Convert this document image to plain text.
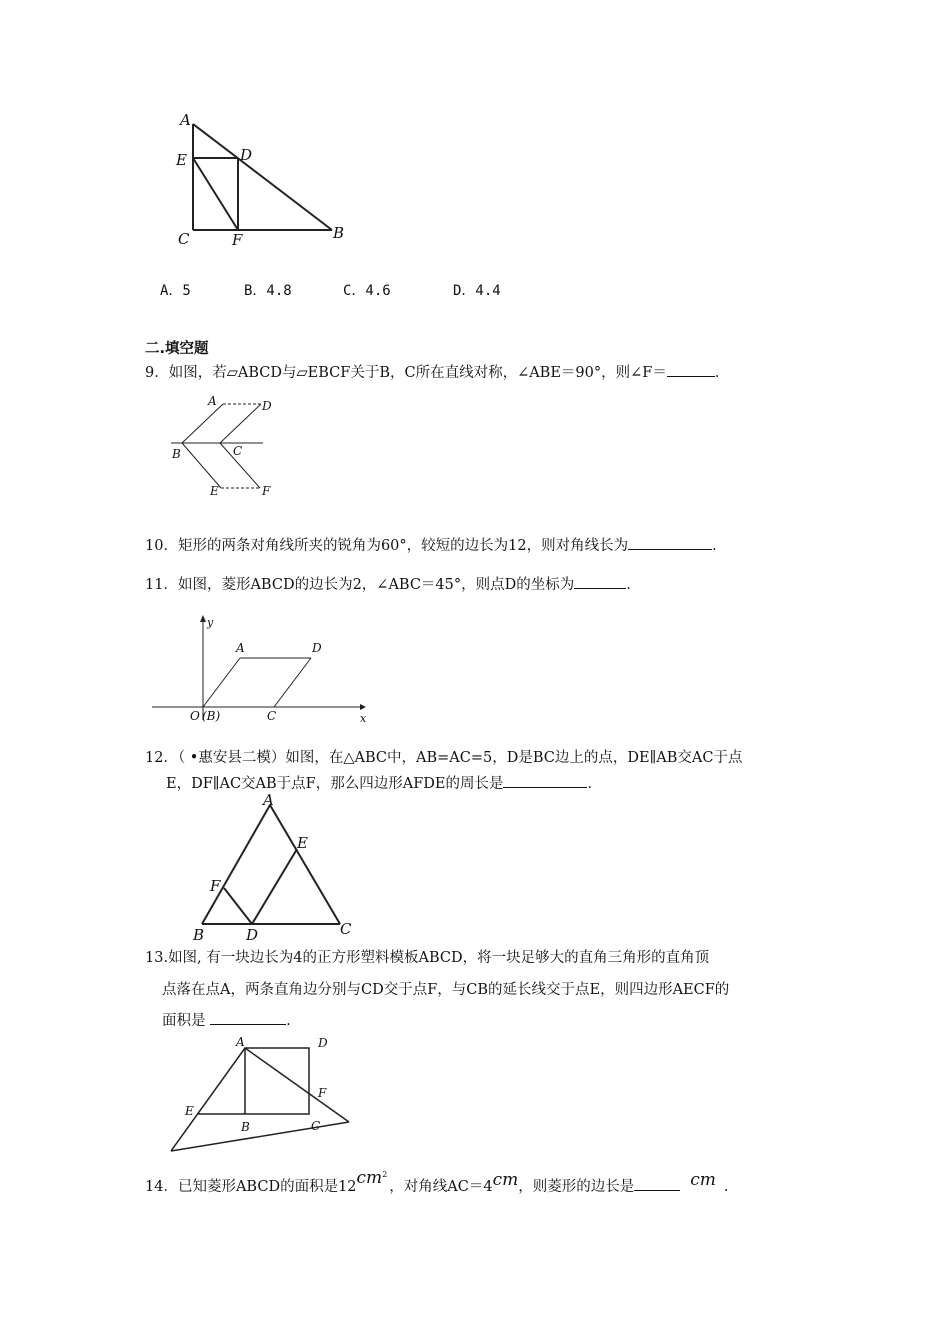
A
E	D
C	F	B
A．5	B．4.8	C．4.6	D．4.4
二.填空题
9．如图，若▱ABCD与▱EBCF关于B，C所在直线对称，∠ABE＝90°，则∠F＝	．
A	D
B	C
E	F
10．矩形的两条对角线所夹的锐角为60°，较短的边长为12，则对角线长为	．
11．如图，菱形ABCD的边长为2，∠ABC＝45°，则点D的坐标为	．
y
A	D
O (B)	C	x
12．（ •惠安县二模）如图，在△ABC中，AB=AC=5，D是BC边上的点，DE∥AB交AC于点
E，DF∥AC交AB于点F，那么四边形AFDE的周长是	．
A
E
F
B	D	C
13.如图, 有一块边长为4的正方形塑料模板ABCD，将一块足够大的直角三角形的直角顶
点落在点A，两条直角边分别与CD交于点F，与CB的延长线交于点E，则四边形AECF的
面积是	.
A	D
F
E
B	C
14．已知菱形ABCD的面积是$12cm^2$，对角线AC＝4cm，则菱形的边长是	cm .
